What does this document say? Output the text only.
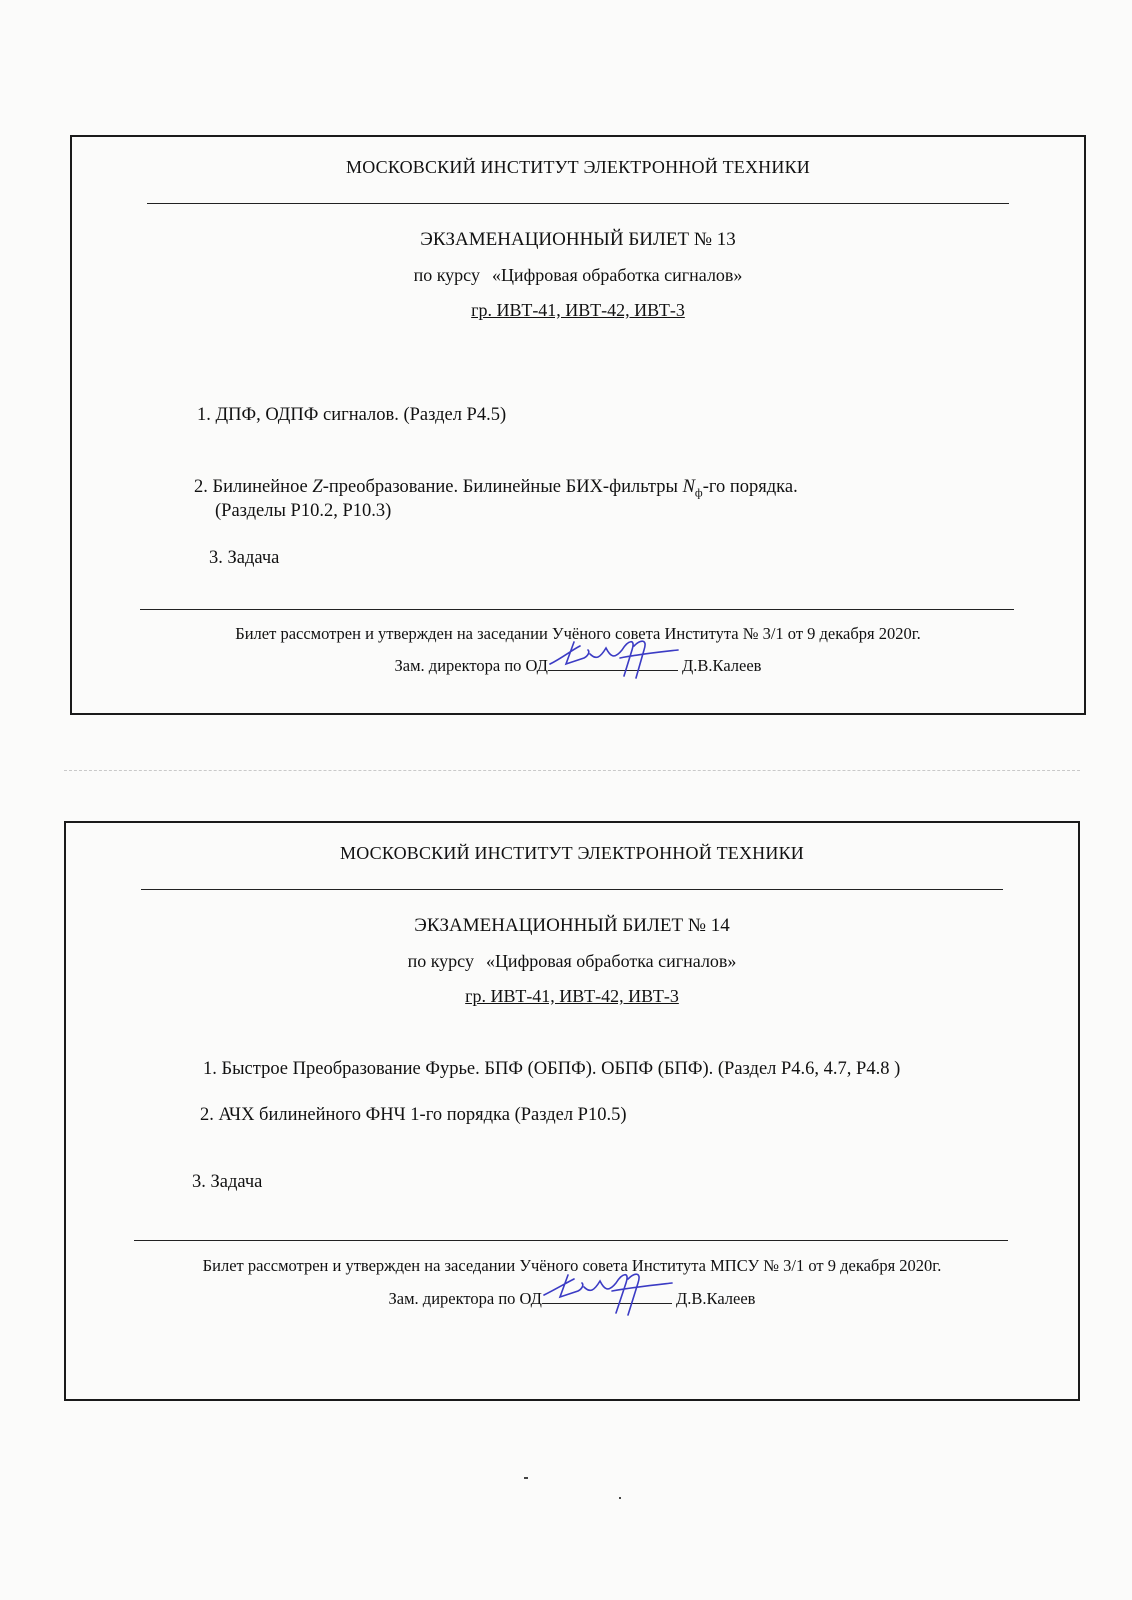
МОСКОВСКИЙ ИНСТИТУТ ЭЛЕКТРОННОЙ ТЕХНИКИ
ЭКЗАМЕНАЦИОННЫЙ БИЛЕТ № 13
по курсу «Цифровая обработка сигналов»
гр. ИВТ-41, ИВТ-42, ИВТ-3
1. ДПФ, ОДПФ сигналов. (Раздел Р4.5)
2. Билинейное Z-преобразование. Билинейные БИХ-фильтры $N_ф-го$ порядка.
(Разделы Р10.2, Р10.3)
3. Задача
Билет рассмотрен и утвержден на заседании Учёного совета Института № 3/1 от 9 декабря 2020г.
Зам. директора по ОД	Д.В.Калеев
МОСКОВСКИЙ ИНСТИТУТ ЭЛЕКТРОННОЙ ТЕХНИКИ
ЭКЗАМЕНАЦИОННЫЙ БИЛЕТ № 14
по курсу «Цифровая обработка сигналов»
гр. ИВТ-41, ИВТ-42, ИВТ-3
1. Быстрое Преобразование Фурье. БПФ (ОБПФ). ОБПФ (БПФ). (Раздел Р4.6, 4.7, Р4.8 )
2. АЧХ билинейного ФНЧ 1-го порядка (Раздел Р10.5)
3. Задача
Билет рассмотрен и утвержден на заседании Учёного совета Института МПСУ № 3/1 от 9 декабря 2020г.
Зам. директора по ОД	Д.В.Калеев
